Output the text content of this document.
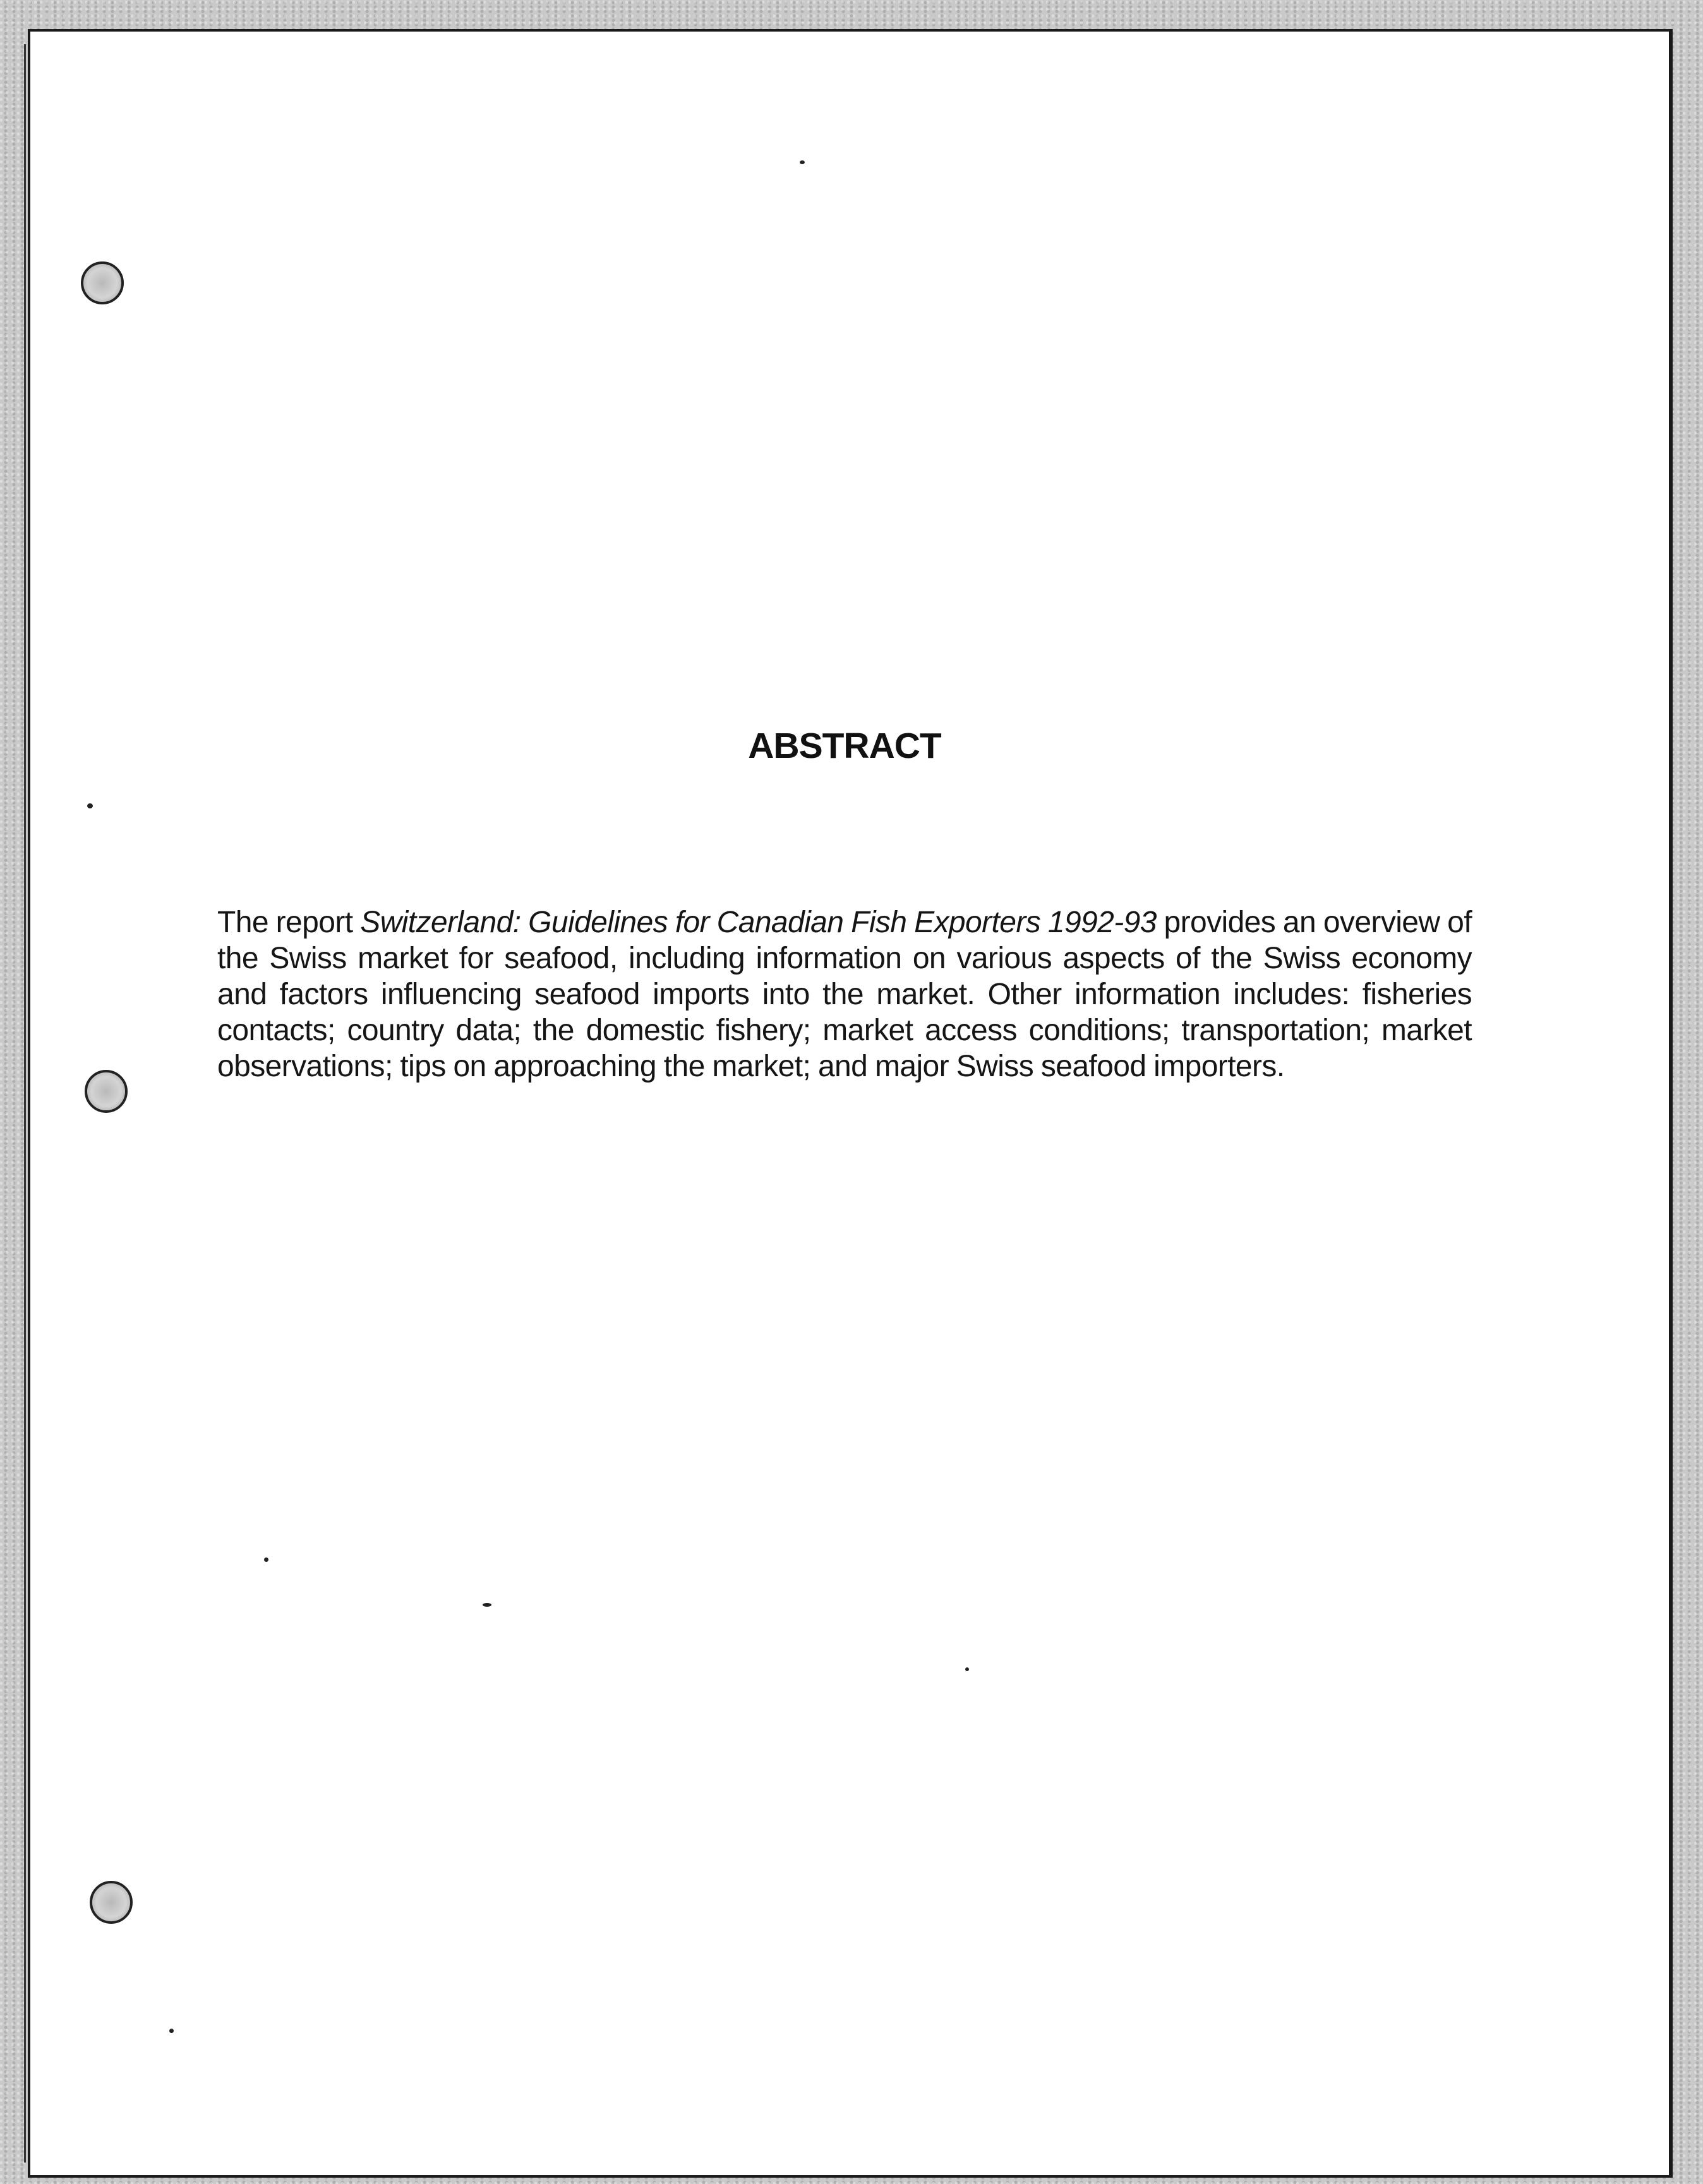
ABSTRACT

The report Switzerland: Guidelines for Canadian Fish Exporters 1992-93 provides an overview of the Swiss market for seafood, including information on various aspects of the Swiss economy and factors influencing seafood imports into the market. Other information includes: fisheries contacts; country data; the domestic fishery; market access conditions; transportation; market observations; tips on approaching the market; and major Swiss seafood importers.
